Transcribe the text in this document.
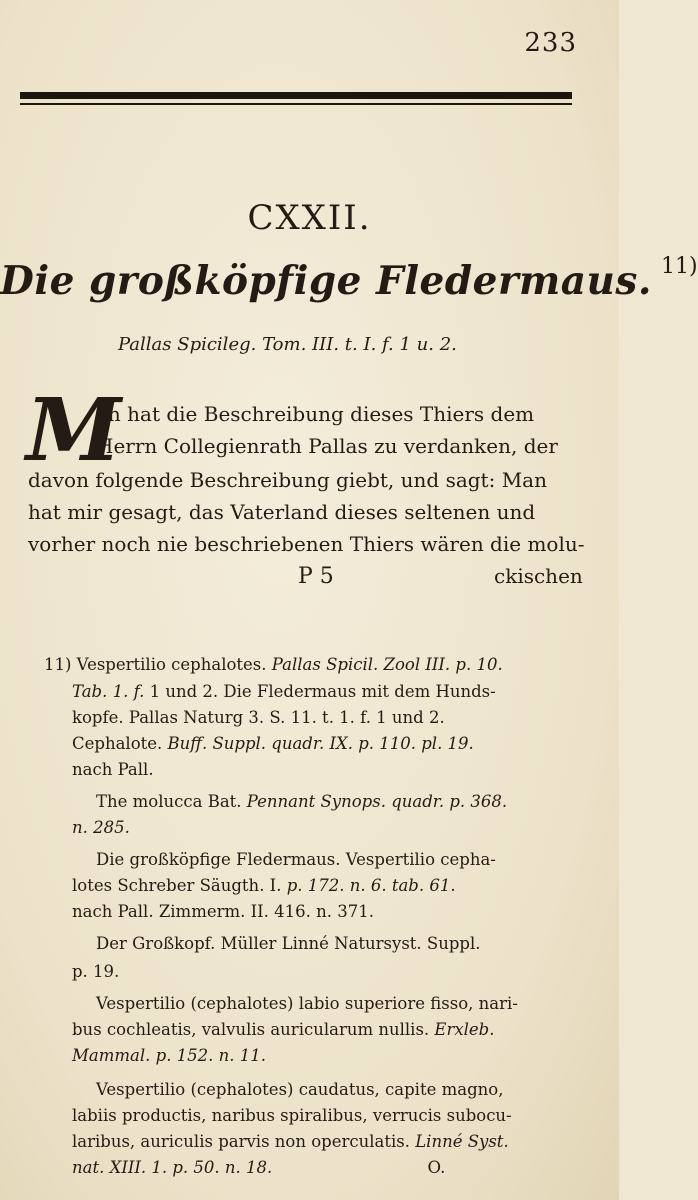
233
CXXII.
Die großköpfige Fledermaus. 11)
Pallas Spicileg. Tom. III. t. I. f. 1 u. 2.
M
an hat die Beschreibung dieses Thiers dem
Herrn Collegienrath Pallas zu verdanken, der
davon folgende Beschreibung giebt, und sagt: Man
hat mir gesagt, das Vaterland dieses seltenen und
vorher noch nie beschriebenen Thiers wären die molu-
P 5	ckischen
11) Vespertilio cephalotes. Pallas Spicil. Zool III. p. 10.
Tab. 1. f. 1 und 2. Die Fledermaus mit dem Hunds-
kopfe. Pallas Naturg 3. S. 11. t. 1. f. 1 und 2.
Cephalote. Buff. Suppl. quadr. IX. p. 110. pl. 19.
nach Pall.
The molucca Bat. Pennant Synops. quadr. p. 368.
n. 285.
Die großköpfige Fledermaus. Vespertilio cepha-
lotes Schreber Säugth. I. p. 172. n. 6. tab. 61.
nach Pall. Zimmerm. II. 416. n. 371.
Der Großkopf. Müller Linné Natursyst. Suppl.
p. 19.
Vespertilio (cephalotes) labio superiore fisso, nari-
bus cochleatis, valvulis auricularum nullis. Erxleb.
Mammal. p. 152. n. 11.
Vespertilio (cephalotes) caudatus, capite magno,
labiis productis, naribus spiralibus, verrucis subocu-
laribus, auriculis parvis non operculatis. Linné Syst.
nat. XIII. 1. p. 50. n. 18.	O.
